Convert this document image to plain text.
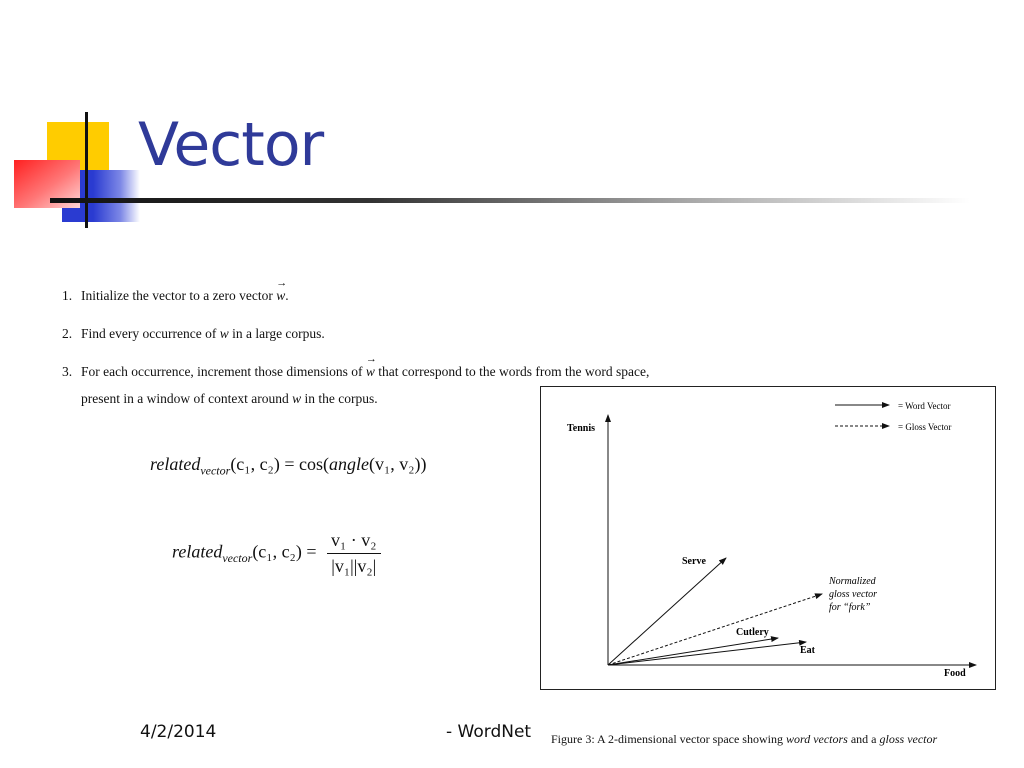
Vector
1. Initialize the vector to a zero vector → w.
2. Find every occurrence of w in a large corpus.
3. For each occurrence, increment those dimensions of → w that correspond to the words from the word space, present in a window of context around w in the corpus.
related$_{vector}$(c₁, c₂) = cos(angle(v₁, v₂))
related$_{vector}$(c₁, $c_2) = \frac{\text{v₁ · v₂}}{\text{|v₁||v₂|}}$
= Word Vector
= Gloss Vector
Tennis
Food
Serve
Normalized
gloss vector
for “fork”
Cutlery
Eat
Figure 3: A 2-dimensional vector space showing word vectors and a gloss vector
4/2/2014	- WordNet
